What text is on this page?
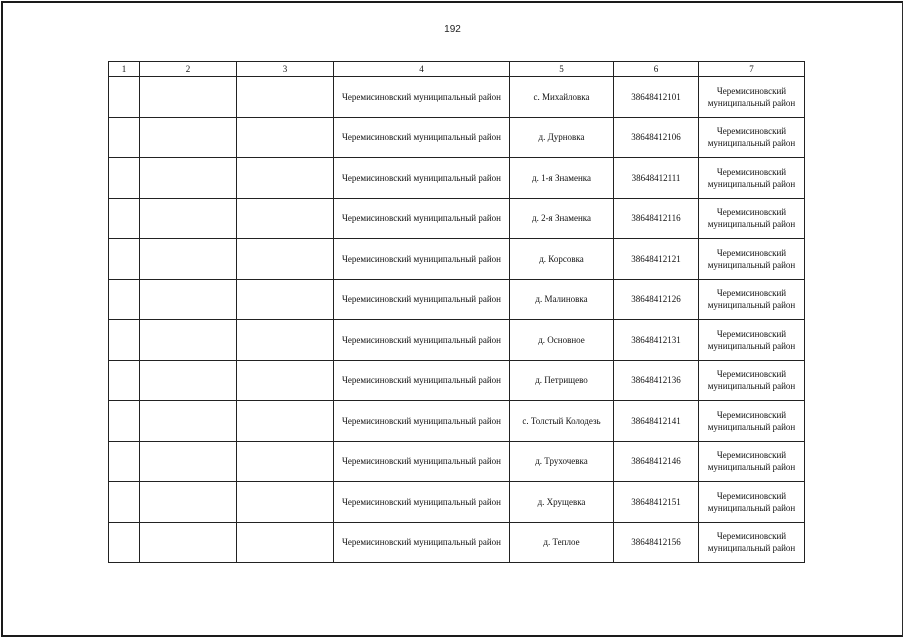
192
1	2	3	4	5	6	7
			Черемисиновский муниципальный район	с. Михайловка	38648412101	Черемисиновский муниципальный район
			Черемисиновский муниципальный район	д. Дурновка	38648412106	Черемисиновский муниципальный район
			Черемисиновский муниципальный район	д. 1-я Знаменка	38648412111	Черемисиновский муниципальный район
			Черемисиновский муниципальный район	д. 2-я Знаменка	38648412116	Черемисиновский муниципальный район
			Черемисиновский муниципальный район	д. Корсовка	38648412121	Черемисиновский муниципальный район
			Черемисиновский муниципальный район	д. Малиновка	38648412126	Черемисиновский муниципальный район
			Черемисиновский муниципальный район	д. Основное	38648412131	Черемисиновский муниципальный район
			Черемисиновский муниципальный район	д. Петрищево	38648412136	Черемисиновский муниципальный район
			Черемисиновский муниципальный район	с. Толстый Колодезь	38648412141	Черемисиновский муниципальный район
			Черемисиновский муниципальный район	д. Трухочевка	38648412146	Черемисиновский муниципальный район
			Черемисиновский муниципальный район	д. Хрущевка	38648412151	Черемисиновский муниципальный район
			Черемисиновский муниципальный район	д. Теплое	38648412156	Черемисиновский муниципальный район
